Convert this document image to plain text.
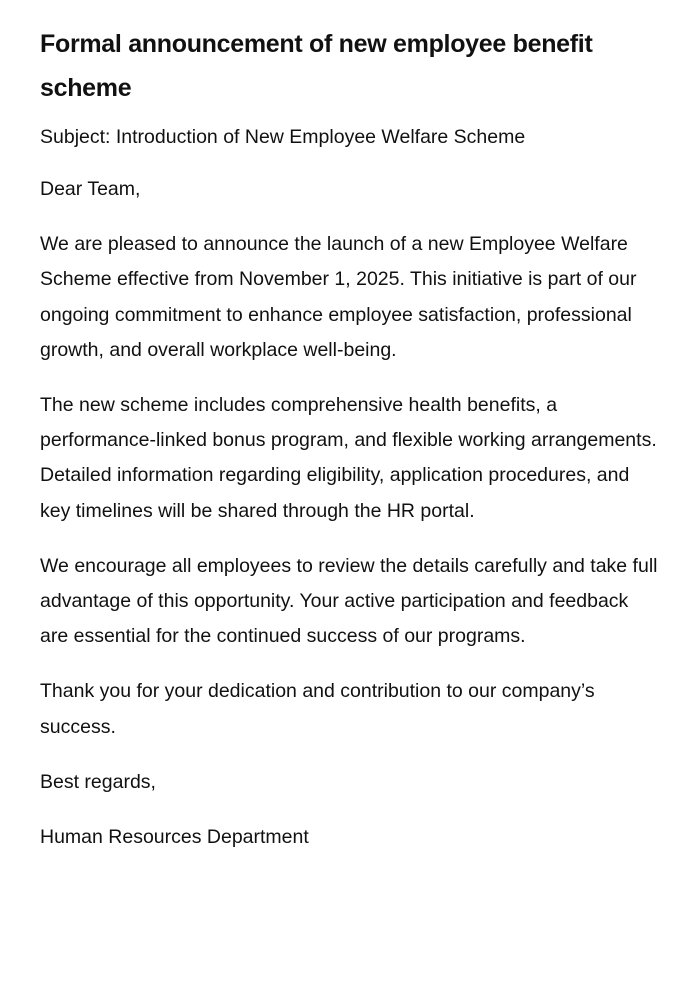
Formal announcement of new employee benefit scheme

Subject: Introduction of New Employee Welfare Scheme

Dear Team,

We are pleased to announce the launch of a new Employee Welfare Scheme effective from November 1, 2025. This initiative is part of our ongoing commitment to enhance employee satisfaction, professional growth, and overall workplace well-being.

The new scheme includes comprehensive health benefits, a performance-linked bonus program, and flexible working arrangements. Detailed information regarding eligibility, application procedures, and key timelines will be shared through the HR portal.

We encourage all employees to review the details carefully and take full advantage of this opportunity. Your active participation and feedback are essential for the continued success of our programs.

Thank you for your dedication and contribution to our company’s success.

Best regards,

Human Resources Department
